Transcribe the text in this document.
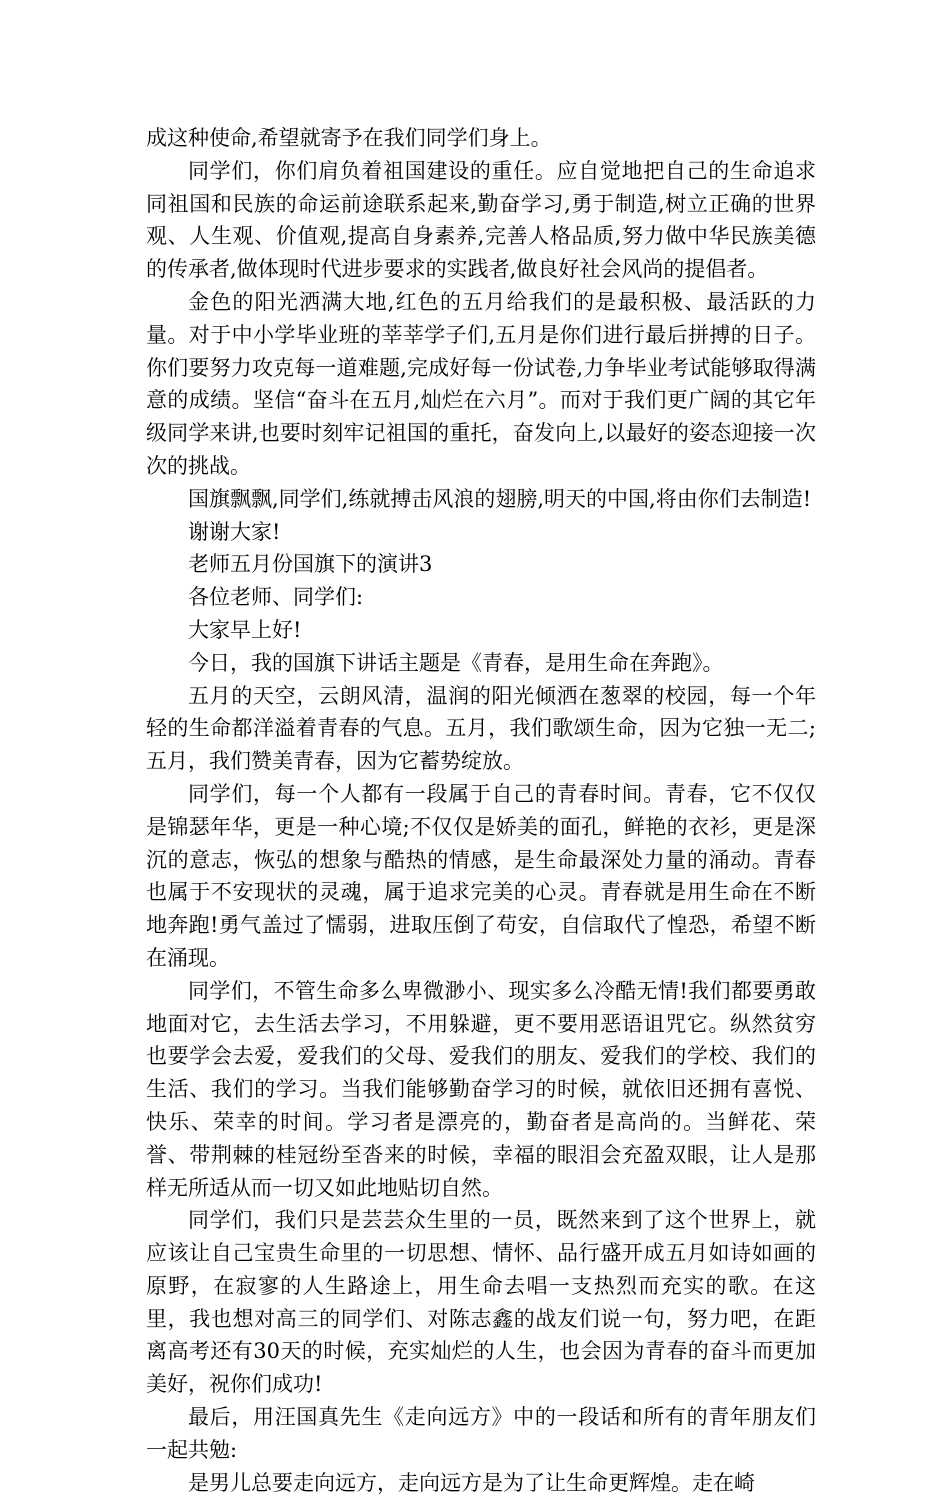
成这种使命,希望就寄予在我们同学们身上。

同学们，你们肩负着祖国建设的重任。应自觉地把自己的生命追求同祖国和民族的命运前途联系起来,勤奋学习,勇于制造,树立正确的世界观、人生观、价值观,提高自身素养,完善人格品质,努力做中华民族美德的传承者,做体现时代进步要求的实践者,做良好社会风尚的提倡者。

金色的阳光洒满大地,红色的五月给我们的是最积极、最活跃的力量。对于中小学毕业班的莘莘学子们,五月是你们进行最后拼搏的日子。你们要努力攻克每一道难题,完成好每一份试卷,力争毕业考试能够取得满意的成绩。坚信“奋斗在五月,灿烂在六月”。而对于我们更广阔的其它年级同学来讲,也要时刻牢记祖国的重托，奋发向上,以最好的姿态迎接一次次的挑战。

国旗飘飘,同学们,练就搏击风浪的翅膀,明天的中国,将由你们去制造!

谢谢大家!

老师五月份国旗下的演讲3

各位老师、同学们:

大家早上好!

今日，我的国旗下讲话主题是《青春，是用生命在奔跑》。

五月的天空，云朗风清，温润的阳光倾洒在葱翠的校园，每一个年轻的生命都洋溢着青春的气息。五月，我们歌颂生命，因为它独一无二;五月，我们赞美青春，因为它蓄势绽放。

同学们，每一个人都有一段属于自己的青春时间。青春，它不仅仅是锦瑟年华，更是一种心境;不仅仅是娇美的面孔，鲜艳的衣衫，更是深沉的意志，恢弘的想象与酷热的情感，是生命最深处力量的涌动。青春也属于不安现状的灵魂，属于追求完美的心灵。青春就是用生命在不断地奔跑!勇气盖过了懦弱，进取压倒了苟安，自信取代了惶恐，希望不断在涌现。

同学们，不管生命多么卑微渺小、现实多么冷酷无情!我们都要勇敢地面对它，去生活去学习，不用躲避，更不要用恶语诅咒它。纵然贫穷也要学会去爱，爱我们的父母、爱我们的朋友、爱我们的学校、我们的生活、我们的学习。当我们能够勤奋学习的时候，就依旧还拥有喜悦、快乐、荣幸的时间。学习者是漂亮的，勤奋者是高尚的。当鲜花、荣誉、带荆棘的桂冠纷至沓来的时候，幸福的眼泪会充盈双眼，让人是那样无所适从而一切又如此地贴切自然。

同学们，我们只是芸芸众生里的一员，既然来到了这个世界上，就应该让自己宝贵生命里的一切思想、情怀、品行盛开成五月如诗如画的原野，在寂寥的人生路途上，用生命去唱一支热烈而充实的歌。在这里，我也想对高三的同学们、对陈志鑫的战友们说一句，努力吧，在距离高考还有30天的时候，充实灿烂的人生，也会因为青春的奋斗而更加美好，祝你们成功!

最后，用汪国真先生《走向远方》中的一段话和所有的青年朋友们一起共勉:

是男儿总要走向远方，走向远方是为了让生命更辉煌。走在崎
